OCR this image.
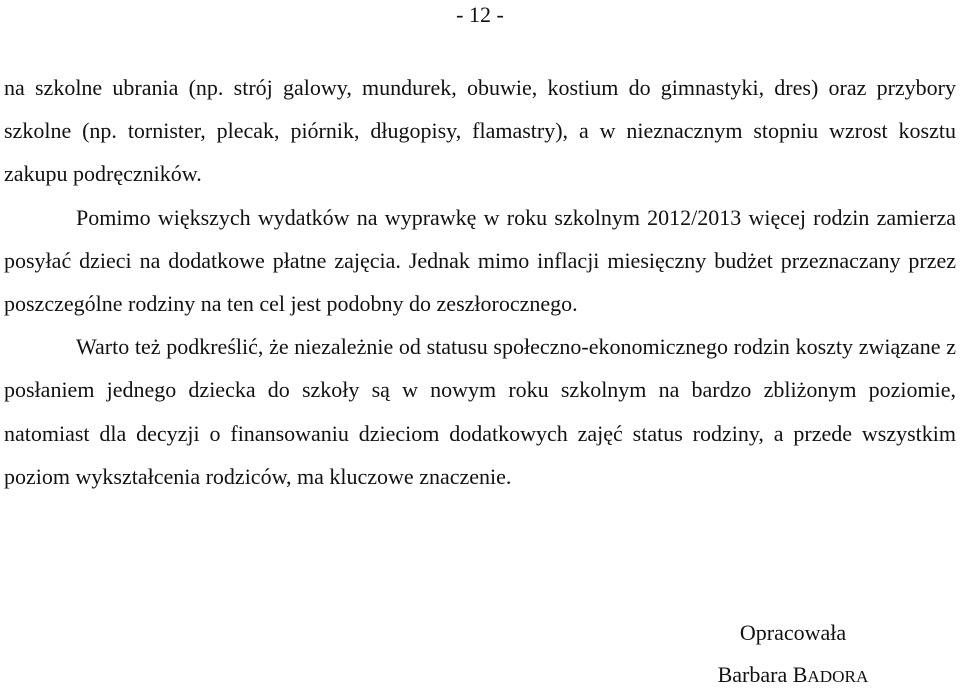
- 12 -

na szkolne ubrania (np. strój galowy, mundurek, obuwie, kostium do gimnastyki, dres) oraz przybory szkolne (np. tornister, plecak, piórnik, długopisy, flamastry), a w nieznacznym stopniu wzrost kosztu zakupu podręczników.

Pomimo większych wydatków na wyprawkę w roku szkolnym 2012/2013 więcej rodzin zamierza posyłać dzieci na dodatkowe płatne zajęcia. Jednak mimo inflacji miesięczny budżet przeznaczany przez poszczególne rodziny na ten cel jest podobny do zeszłorocznego.

Warto też podkreślić, że niezależnie od statusu społeczno-ekonomicznego rodzin koszty związane z posłaniem jednego dziecka do szkoły są w nowym roku szkolnym na bardzo zbliżonym poziomie, natomiast dla decyzji o finansowaniu dzieciom dodatkowych zajęć status rodziny, a przede wszystkim poziom wykształcenia rodziców, ma kluczowe znaczenie.

Opracowała
Barbara BADORA
